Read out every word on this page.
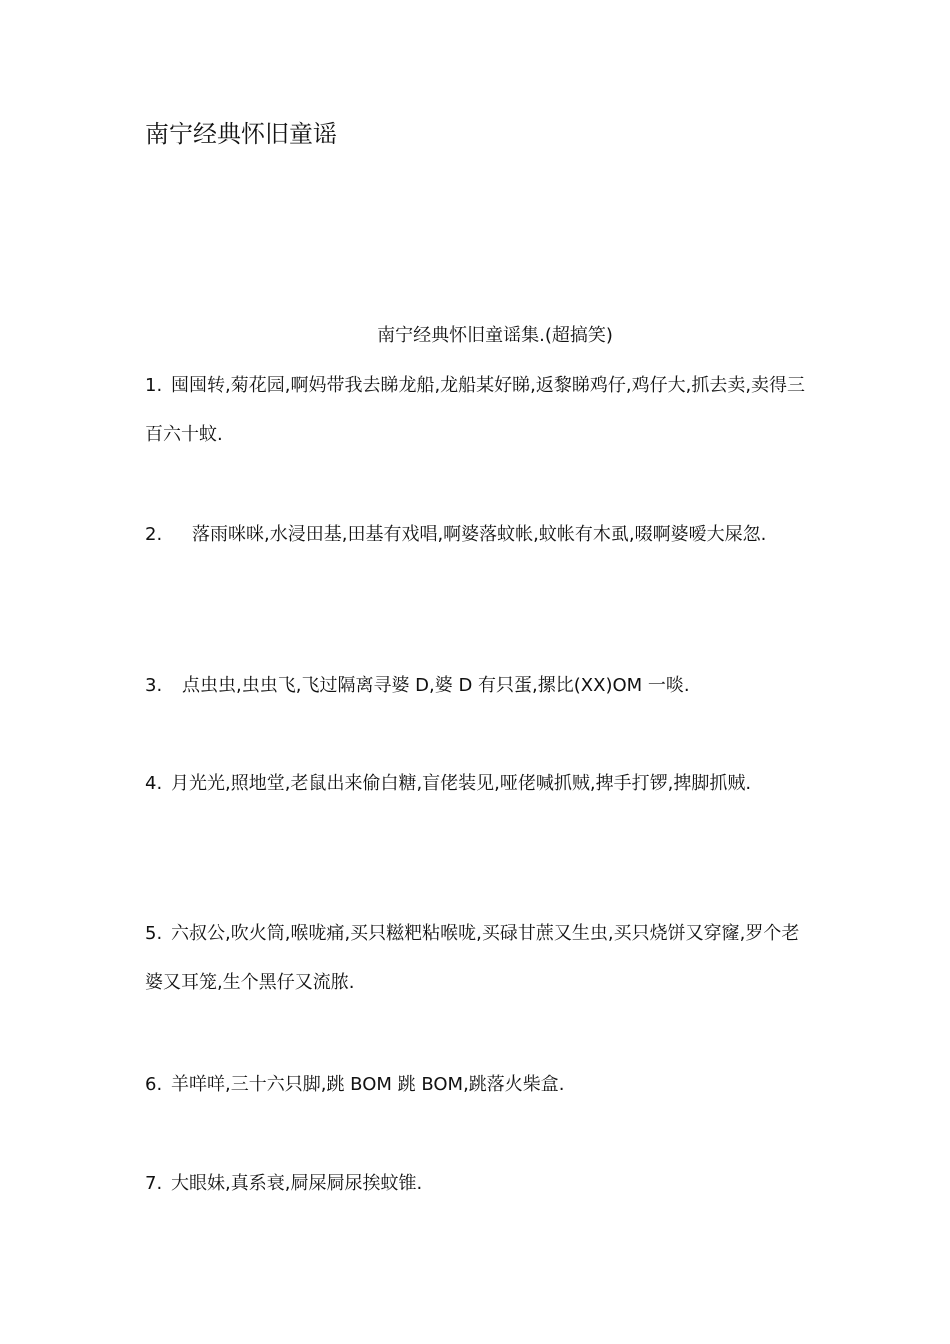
南宁经典怀旧童谣
南宁经典怀旧童谣集.(超搞笑)
1. 囤囤转,菊花园,啊妈带我去睇龙船,龙船某好睇,返黎睇鸡仔,鸡仔大,抓去卖,卖得三百六十蚊.
2. 落雨咪咪,水浸田基,田基有戏唱,啊婆落蚊帐,蚊帐有木虱,啜啊婆嗳大屎忽.
3. 点虫虫,虫虫飞,飞过隔离寻婆 D,婆 D 有只蛋,摞比(XX)OM 一啖.
4. 月光光,照地堂,老鼠出来偷白糖,盲佬装见,哑佬喊抓贼,捭手打锣,捭脚抓贼.
5. 六叔公,吹火筒,喉咙痛,买只糍粑粘喉咙,买碌甘蔗又生虫,买只烧饼又穿窿,罗个老婆又耳笼,生个黑仔又流脓.
6. 羊咩咩,三十六只脚,跳 BOM 跳 BOM,跳落火柴盒.
7. 大眼妹,真系衰,屙屎屙尿挨蚊锥.
